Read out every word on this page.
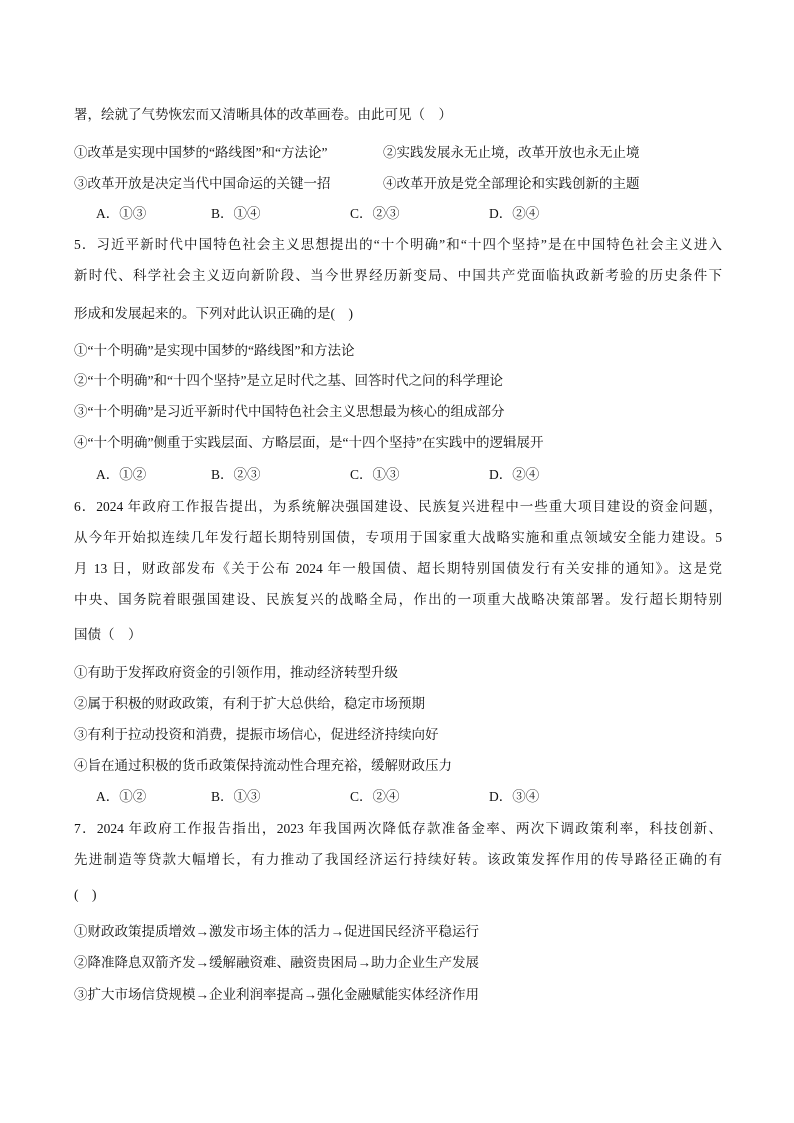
署，绘就了气势恢宏而又清晰具体的改革画卷。由此可见（　）
①改革是实现中国梦的“路线图”和“方法论”	②实践发展永无止境，改革开放也永无止境
③改革开放是决定当代中国命运的关键一招	④改革开放是党全部理论和实践创新的主题
A．①③	B．①④	C．②③	D．②④
5．习近平新时代中国特色社会主义思想提出的“十个明确”和“十四个坚持”是在中国特色社会主义进入
新时代、科学社会主义迈向新阶段、当今世界经历新变局、中国共产党面临执政新考验的历史条件下
形成和发展起来的。下列对此认识正确的是(　)
①“十个明确”是实现中国梦的“路线图”和方法论
②“十个明确”和“十四个坚持”是立足时代之基、回答时代之问的科学理论
③“十个明确”是习近平新时代中国特色社会主义思想最为核心的组成部分
④“十个明确”侧重于实践层面、方略层面，是“十四个坚持”在实践中的逻辑展开
A．①②	B．②③	C．①③	D．②④
6．2024 年政府工作报告提出，为系统解决强国建设、民族复兴进程中一些重大项目建设的资金问题，
从今年开始拟连续几年发行超长期特别国债，专项用于国家重大战略实施和重点领域安全能力建设。5
月 13 日，财政部发布《关于公布 2024 年一般国债、超长期特别国债发行有关安排的通知》。这是党
中央、国务院着眼强国建设、民族复兴的战略全局，作出的一项重大战略决策部署。发行超长期特别
国债（　）
①有助于发挥政府资金的引领作用，推动经济转型升级
②属于积极的财政政策，有利于扩大总供给，稳定市场预期
③有利于拉动投资和消费，提振市场信心，促进经济持续向好
④旨在通过积极的货币政策保持流动性合理充裕，缓解财政压力
A．①②	B．①③	C．②④	D．③④
7．2024 年政府工作报告指出，2023 年我国两次降低存款准备金率、两次下调政策利率，科技创新、
先进制造等贷款大幅增长，有力推动了我国经济运行持续好转。该政策发挥作用的传导路径正确的有
(　)
①财政政策提质增效→激发市场主体的活力→促进国民经济平稳运行
②降准降息双箭齐发→缓解融资难、融资贵困局→助力企业生产发展
③扩大市场信贷规模→企业利润率提高→强化金融赋能实体经济作用
